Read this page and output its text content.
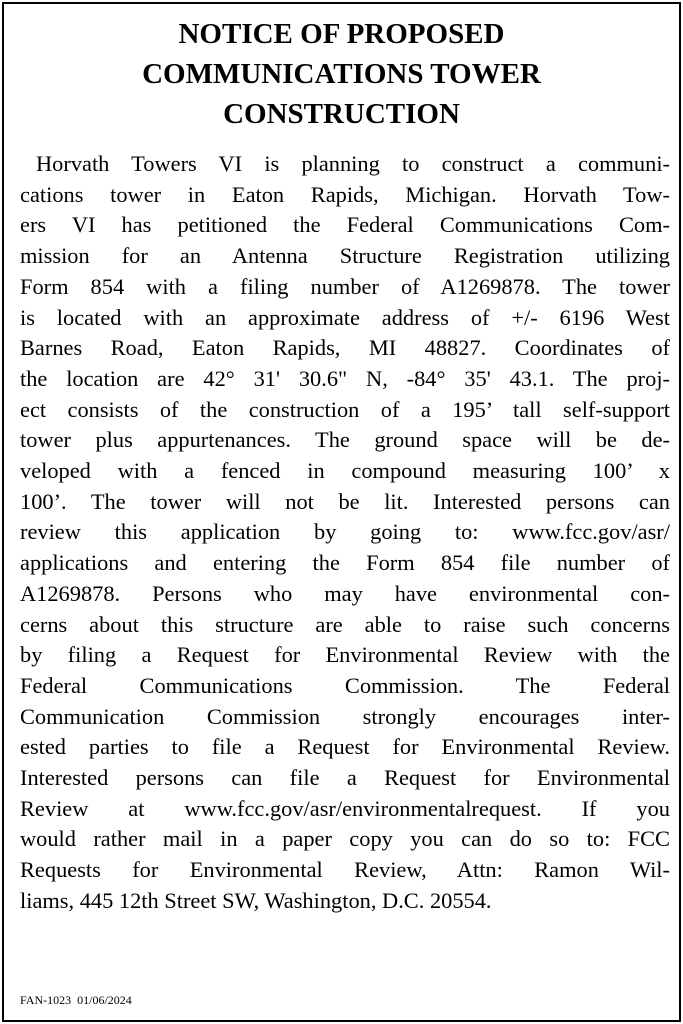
NOTICE OF PROPOSED
COMMUNICATIONS TOWER
CONSTRUCTION

Horvath Towers VI is planning to construct a communi-
cations tower in Eaton Rapids, Michigan. Horvath Tow-
ers VI has petitioned the Federal Communications Com-
mission for an Antenna Structure Registration utilizing
Form 854 with a filing number of A1269878. The tower
is located with an approximate address of +/- 6196 West
Barnes Road, Eaton Rapids, MI 48827. Coordinates of
the location are 42° 31' 30.6" N, -84° 35' 43.1. The proj-
ect consists of the construction of a 195’ tall self-support
tower plus appurtenances. The ground space will be de-
veloped with a fenced in compound measuring 100’ x
100’. The tower will not be lit. Interested persons can
review this application by going to: www.fcc.gov/asr/
applications and entering the Form 854 file number of
A1269878. Persons who may have environmental con-
cerns about this structure are able to raise such concerns
by filing a Request for Environmental Review with the
Federal Communications Commission. The Federal
Communication Commission strongly encourages inter-
ested parties to file a Request for Environmental Review.
Interested persons can file a Request for Environmental
Review at www.fcc.gov/asr/environmentalrequest. If you
would rather mail in a paper copy you can do so to: FCC
Requests for Environmental Review, Attn: Ramon Wil-
liams, 445 12th Street SW, Washington, D.C. 20554.

FAN-1023  01/06/2024
